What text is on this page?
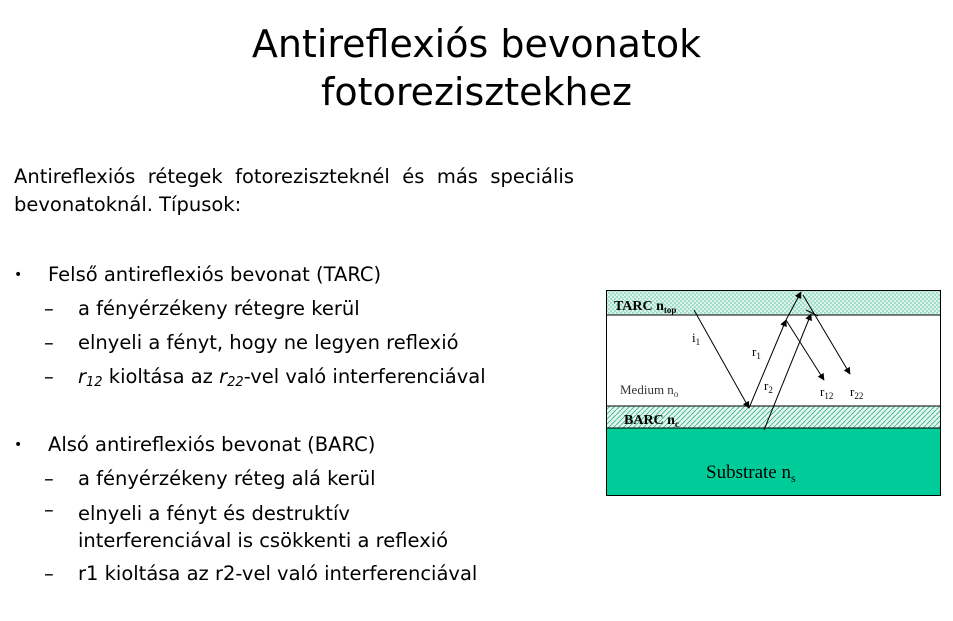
Antireflexiós bevonatok
fotorezisztekhez
Antireflexiós rétegek fotoreziszteknél és más speciális bevonatoknál. Típusok:
• Felső antireflexiós bevonat (TARC)
– a fényérzékeny rétegre kerül
– elnyeli a fényt, hogy ne legyen reflexió
– $r_{12}$ kioltása az $r_{22}$-vel való interferenciával
• Alsó antireflexiós bevonat (BARC)
– a fényérzékeny réteg alá kerül
– elnyeli a fényt és destruktív
interferenciával is csökkenti a reflexió
– r1 kioltása az r2-vel való interferenciával
TARC $n_{top}$
Medium $n_o$
BARC $n_c$
Substrate $n_s$
$i_1$
$r_1$
$r_2$	$r_{12}$ $r_{22}$
